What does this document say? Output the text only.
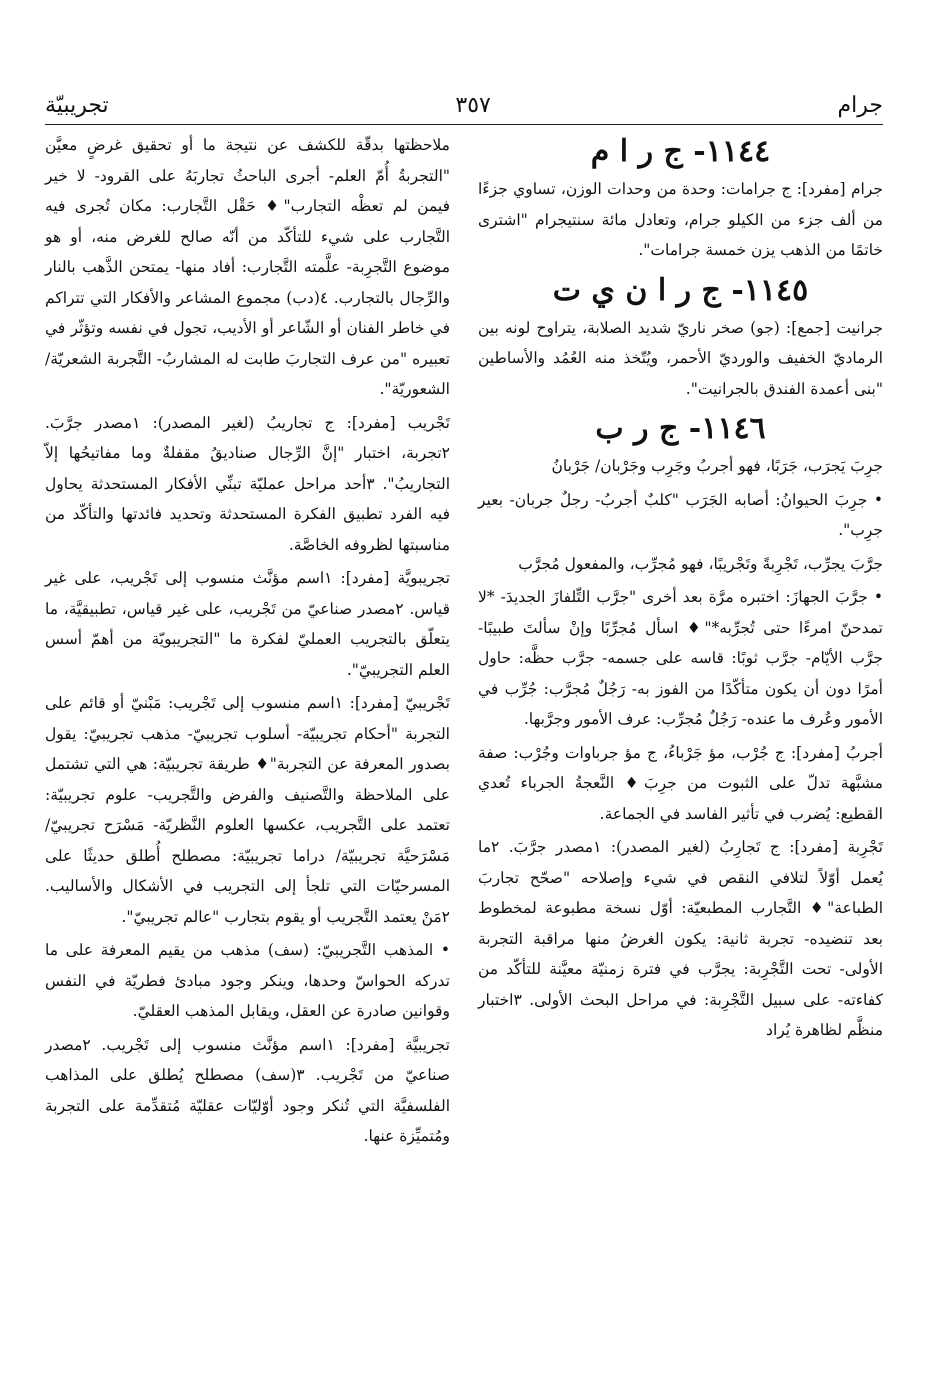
جرام
٣٥٧
تجريبيّة

١١٤٤- ج ر ا م

جرام [مفرد]: ج جرامات: وحدة من وحدات الوزن، تساوي جزءًا من ألف جزء من الكيلو جرام، وتعادل مائة سنتيجرام "اشترى خاتمًا من الذهب يزن خمسة جرامات".

١١٤٥- ج ر ا ن ي ت

جرانيت [جمع]: (جو) صخر ناريّ شديد الصلابة، يتراوح لونه بين الرماديّ الخفيف والورديّ الأحمر، ويُتّخذ منه العُمُد والأساطين "بنى أعمدة الفندق بالجرانيت".

١١٤٦- ج ر ب

جرِبَ يَجرَب، جَرَبًا، فهو أجربُ وجَرِب وجَرْبان/ جَرْبانُ

• جرِبَ الحيوانُ: أصابه الجَرَب "كلبٌ أجربُ- رجلٌ جربان- بعير جرِب".

جرَّبَ يجرِّب، تَجْرِبةً وتَجْريبًا، فهو مُجرِّب، والمفعول مُجرَّب

• جرَّبَ الجهازَ: اختبره مرَّة بعد أخرى "جرَّب التِّلفازَ الجديدَ- *لا تمدحنّ امرءًا حتى تُجرِّبه*"♦ اسأل مُجرِّبًا وإنْ سألتَ طبيبًا- جرَّب الأيّام- جرَّب ثوبًا: قاسه على جسمه- جرَّب حظَّه: حاول أمرًا دون أن يكون متأكّدًا من الفوز به- رَجُلٌ مُجرَّب: جُرِّب في الأمور وعُرف ما عنده- رَجُلٌ مُجرِّب: عرف الأمور وجرَّبها.

أجربُ [مفرد]: ج جُرْب، مؤ جَرْباءُ، ج مؤ جرباوات وجُرْب: صفة مشبَّهة تدلّ على الثبوت من جرِبَ♦ النَّعجةُ الجرباء تُعدي القطيع: يُضرب في تأثير الفاسد في الجماعة.

تَجْرِبة [مفرد]: ج تَجارِبُ (لغير المصدر): ١مصدر جرَّبَ. ٢ما يُعمل أوّلاً لتلافي النقص في شيء وإصلاحه "صحّح تجاربَ الطباعة"♦ التَّجارب المطبعيّة: أوّل نسخة مطبوعة لمخطوط بعد تنضيده- تجربة ثانية: يكون الغرضُ منها مراقبة التجربة الأولى- تحت التَّجْرِبة: يجرَّب في فترة زمنيّة معيَّنة للتأكّد من كفاءته- على سبيل التَّجْرِبة: في مراحل البحث الأولى. ٣اختبار منظَّم لظاهرة يُراد

ملاحظتها بدقّة للكشف عن نتيجة ما أو تحقيق غرضٍ معيَّن "التجربةُ أُمّ العلم- أجرى الباحثُ تجاربَهُ على القرود- لا خير فيمن لم تعظْه التجارب"♦ حَقْل التَّجارب: مكان تُجرى فيه التَّجارب على شيء للتأكّد من أنّه صالح للغرض منه، أو هو موضوع التَّجرِبة- علَّمته التَّجارب: أفاد منها- يمتحن الذَّهب بالنار والرِّجال بالتجارب. ٤(دب) مجموع المشاعر والأفكار التي تتراكم في خاطر الفنان أو الشّاعر أو الأديب، تجول في نفسه وتؤثّر في تعبيره "من عرف التجاربَ طابت له المشاربُ- التَّجربة الشعريّة/ الشعوريّة".

تَجْريب [مفرد]: ج تجاريبُ (لغير المصدر): ١مصدر جرَّبَ. ٢تجربة، اختبار "إنَّ الرِّجال صناديقُ مقفلةٌ وما مفاتيحُها إلاّ التجاريبُ". ٣أحد مراحل عمليّة تبنِّي الأفكار المستحدثة يحاول فيه الفرد تطبيق الفكرة المستحدثة وتحديد فائدتها والتأكّد من مناسبتها لظروفه الخاصَّة.

تجريبويَّة [مفرد]: ١اسم مؤنَّث منسوب إلى تَجْريب، على غير قياس. ٢مصدر صناعيّ من تَجْريب، على غير قياس، تطبيقيَّة، ما يتعلّق بالتجريب العمليّ لفكرة ما "التجريبويّة من أهمّ أسس العلم التجريبيّ".

تَجْريبيّ [مفرد]: ١اسم منسوب إلى تَجْريب: مَبْنيّ أو قائم على التجربة "أحكام تجريبيّة- أسلوب تجريبيّ- مذهب تجريبيّ: يقول بصدور المعرفة عن التجربة"♦ طريقة تجريبيّة: هي التي تشتمل على الملاحظة والتَّصنيف والفرض والتَّجريب- علوم تجريبيّة: تعتمد على التَّجريب، عكسها العلوم النَّظريّة- مَسْرَح تجريبيّ/ مَسْرَحيَّة تجريبيّة/ دراما تجريبيّة: مصطلح أُطلق حديثًا على المسرحيّات التي تلجأ إلى التجريب في الأشكال والأساليب. ٢مَنْ يعتمد التَّجريب أو يقوم بتجارب "عالم تجريبيّ".

• المذهب التَّجريبيّ: (سف) مذهب من يقيم المعرفة على ما تدركه الحواسّ وحدها، وينكر وجود مبادئ فطريّة في النفس وقوانين صادرة عن العقل، ويقابل المذهب العقليّ.

تجريبيَّة [مفرد]: ١اسم مؤنَّث منسوب إلى تَجْريب. ٢مصدر صناعيّ من تَجْريب. ٣(سف) مصطلح يُطلق على المذاهب الفلسفيَّة التي تُنكر وجود أوّليّات عقليّة مُتقدِّمة على التجربة ومُتميِّزة عنها.
